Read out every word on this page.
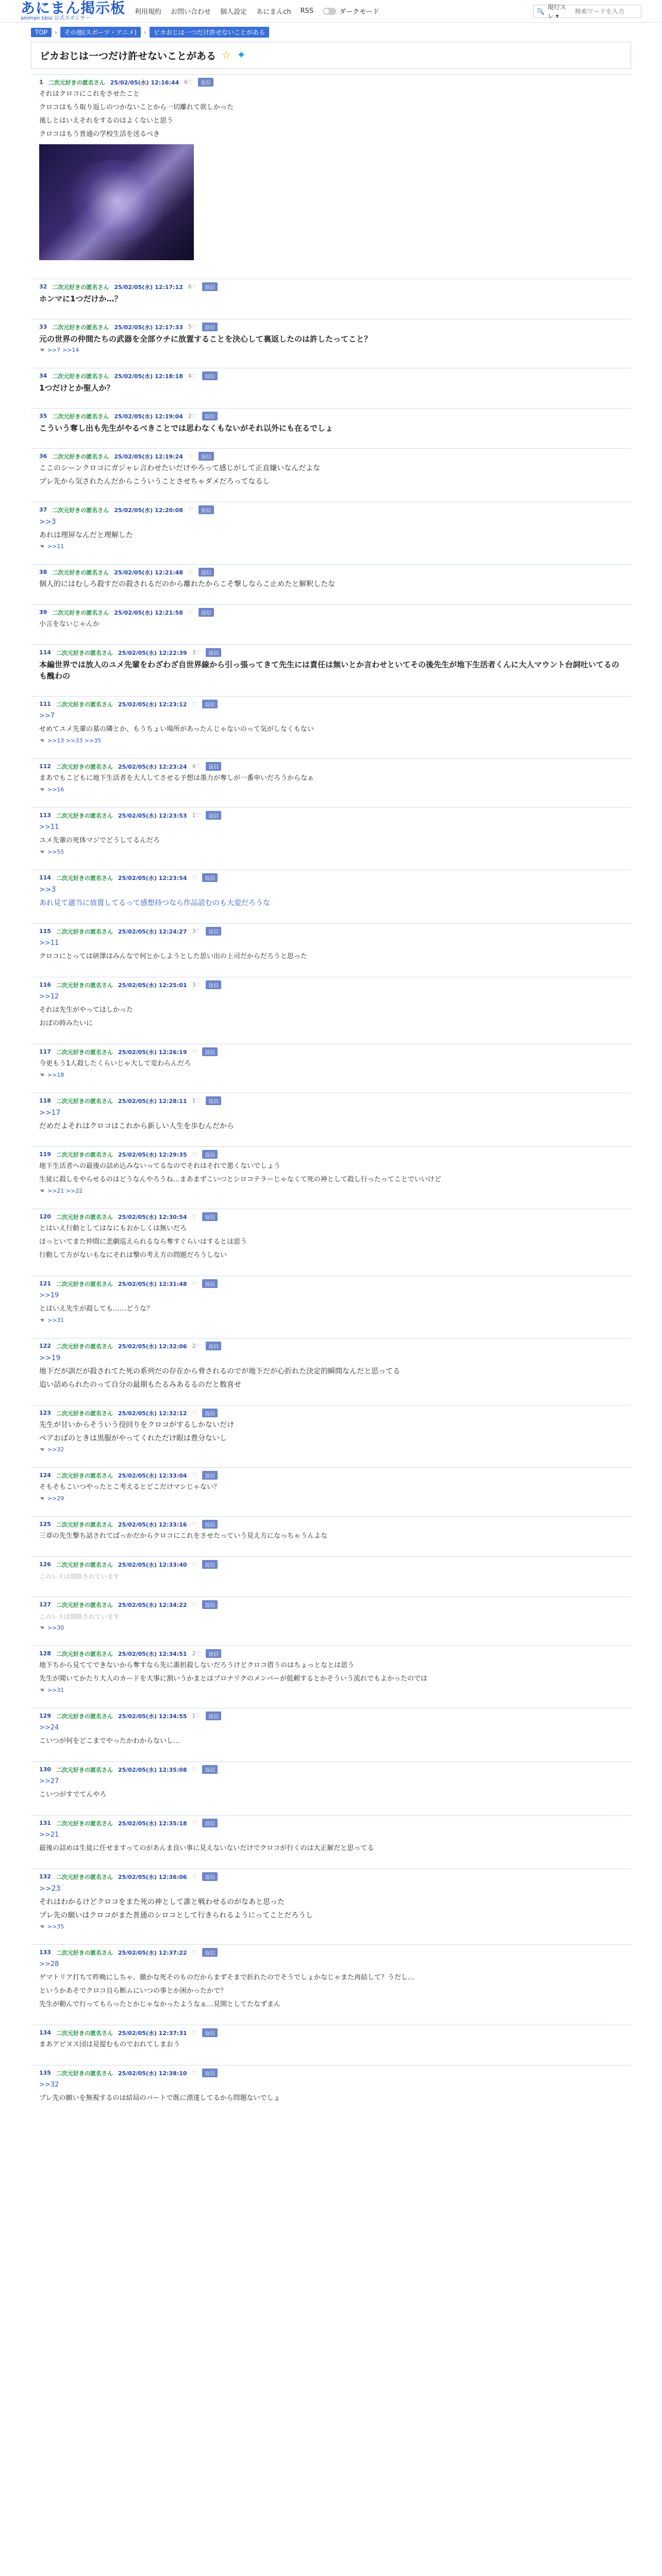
あにまん掲示板
animan bbs/ 公式スポンサー
利用規約 お問い合わせ 個人設定 あにまんch RSS	ダークモード	🔍
現行スレ ▾
検索ワードを入力
TOP	›	その他(スポーツ・アニメ)	›	ピカおじは一つだけ許せないことがある
ピカおじは一つだけ許せないことがある ☆ ✦
1 二次元好きの匿名さん 25/02/05(水) 12:16:44 6♡	返信
それはクロコにこれをさせたこと
クロコはもう取り返しのつかないことから一切離れて欲しかった
後しとはいえそれをするのはよくないと思う
クロコはもう普通の学校生活を送るべき
32 二次元好きの匿名さん 25/02/05(水) 12:17:12 6♡	返信
ホンマに1つだけか…？
33 二次元好きの匿名さん 25/02/05(水) 12:17:33 5♡	返信
元の世界の仲間たちの武器を全部ウチに放置することを決心して裏返したのは許したってこと？
☚ >>7 >>14
34 二次元好きの匿名さん 25/02/05(水) 12:18:18 4♡	返信
1つだけとか聖人か？
35 二次元好きの匿名さん 25/02/05(水) 12:19:04 2♡	返信
こういう奪し出も先生がやるべきことでは思わなくもないがそれ以外にも在るでしょ
36 二次元好きの匿名さん 25/02/05(水) 12:19:24 ♡	返信
ここのシーンクロコにガジャレ言わせたいだけやろって感じがして正直嫌いなんだよな
プレ先から気されたんだからこういうことさせちゃダメだろってなるし
37 二次元好きの匿名さん 25/02/05(水) 12:20:08 ♡	返信
>>3
あれは理屏なんだと理解した
☚ >>11
38 二次元好きの匿名さん 25/02/05(水) 12:21:48 ♡	返信
個人的にはむしろ殺すだの殺されるだのから離れたからこそ撃しならこ止めたと解釈したな
39 二次元好きの匿名さん 25/02/05(水) 12:21:58 ♡	返信
小言をないじゃんか
114 二次元好きの匿名さん 25/02/05(水) 12:22:39 3♡	返信
本編世界では放人のユメ先輩をわざわざ自世界線から引っ張ってきて先生には責任は無いとか言わせといてその後先生が地下生活者くんに大人マウント台詞吐いてるのも醜わの
111 二次元好きの匿名さん 25/02/05(水) 12:23:12 ♡	返信
>>7
せめてユメ先輩の墓の隣とか、もうちょい場所があったんじゃないのって気がしなくもない
☚ >>13 >>33 >>35
112 二次元好きの匿名さん 25/02/05(水) 12:23:24 4♡	返信
まあでもこどもに地下生活者を大人してさせる予想は墨力が奪しが一番申いだろうからなぁ
☚ >>16
113 二次元好きの匿名さん 25/02/05(水) 12:23:53 1♡	返信
>>11
ユメ先輩の死体マジでどうしてるんだろ
☚ >>55
114 二次元好きの匿名さん 25/02/05(水) 12:23:54 ♡	返信
>>3
あれ見て適当に放置してるって感想持つなら作品読むのも大変だろうな
115 二次元好きの匿名さん 25/02/05(水) 12:24:27 3♡	返信
>>11
クロコにとっては研澤はみんなで何とかしようとした思い出の上司だからだろうと思った
116 二次元好きの匿名さん 25/02/05(水) 12:25:01 3♡	返信
>>12
それは先生がやってほしかった
おばの時みたいに
117 二次元好きの匿名さん 25/02/05(水) 12:26:19 ♡	返信
今更もう1人殺したくらいじゃ大して変わらんだろ
☚ >>18
118 二次元好きの匿名さん 25/02/05(水) 12:28:11 1♡	返信
>>17
だめだよそれはクロコはこれから新しい人生を歩むんだから
119 二次元好きの匿名さん 25/02/05(水) 12:29:35 ♡	返信
地下生活者への最後の詰め込みないってるなのでそれはそれで悪くないでしょう
生徒に殺しをやらせるのはどうなんやろうね…まあまずこいつとシロコテラーじゃなくて死の神として殺し行ったってことでいいけど
☚ >>21 >>22
120 二次元好きの匿名さん 25/02/05(水) 12:30:54 ♡	返信
とはいえ行動としてはなにもおかしくは無いだろ
ほっといてまた仲間に悲劇巡えられるなら奪すぐらいはするとは思う
行動して方がないもなにそれは撃の考え方の問題だろうしない
121 二次元好きの匿名さん 25/02/05(水) 12:31:48 ♡	返信
>>19
とはいえ先生が殺しても……どうな？
☚ >>31
122 二次元好きの匿名さん 25/02/05(水) 12:32:06 2♡	返信
>>19
地下だが訓だが殺されてた死の系列だの存在から脅されるのでが地下だが心折れた決定的瞬間なんだと思ってる
追い詰められたのって自分の最期もたるみあるるのだと数喜せ
123 二次元好きの匿名さん 25/02/05(水) 12:32:12 ♡	返信
先生が甘いからそういう役回りをクロコがするしかないだけ
ペアおばのときは黒服がやってくれただけ眼は豊分ないし
☚ >>32
124 二次元好きの匿名さん 25/02/05(水) 12:33:04 ♡	返信
そもそもこいつやったとこ考えるとどこだけマシじゃない？
☚ >>29
125 二次元好きの匿名さん 25/02/05(水) 12:33:16 ♡	返信
三章の先生撃ち話されてばっかだからクロコにこれをさせたっていう見え方になっちゃうんよな
126 二次元好きの匿名さん 25/02/05(水) 12:33:40 ♡	返信
このレスは削除されています
127 二次元好きの匿名さん 25/02/05(水) 12:34:22 ♡	返信
このレスは削除されています
☚ >>30
128 二次元好きの匿名さん 25/02/05(水) 12:34:51 2♡	返信
地下ちから見ててできないから奪すなら先に誰担殺しないだろうけどクロコ借うのはちょっとなとは思う
先生が聞いてかたり大人のカードを大事に割いうかまとはプロナリクのメンバーが低頼するとかそういう流れでもよかったのでは
☚ >>31
129 二次元好きの匿名さん 25/02/05(水) 12:34:55 1♡	返信
>>24
こいつが何をどこまでやったかわからないし…
130 二次元好きの匿名さん 25/02/05(水) 12:35:08 ♡	返信
>>27
こいつがすでてんやろ
131 二次元好きの匿名さん 25/02/05(水) 12:35:18 ♡	返信
>>21
最後の詰めは生徒に任せますってのがあんま良い事に見えないないだけでクロコが行くのは大正解だと思ってる
132 二次元好きの匿名さん 25/02/05(水) 12:36:06 ♡	返信
>>23
それはわかるけどクロコをまた死の神として誰と戦わせるのがなあと思った
プレ先の願いはクロコがまた普通のシロコとして行きられるようにってことだろうし
☚ >>35
133 二次元好きの匿名さん 25/02/05(水) 12:37:22 ♡	返信
>>28
ゲマトリア打ちて昨晩にしちゃ、撤かな死そのものだからまずそまで折れたのでそうでしょかなじゃまた再結して？うだし…
というかあそでクロコ自ら断ムにいつの事とか困かったかで？
先生が動んで行ってもらったとかじゃなかったようなぁ…見開としてたなずまん
134 二次元好きの匿名さん 25/02/05(水) 12:37:31 ♡	返信
まあアビヌス団は見提むものでおれてしまおう
135 二次元好きの匿名さん 25/02/05(水) 12:38:10 ♡	返信
>>32
プレ先の願いを無視するのは結局のパートで既に漂達してるから問題ないでしょ
